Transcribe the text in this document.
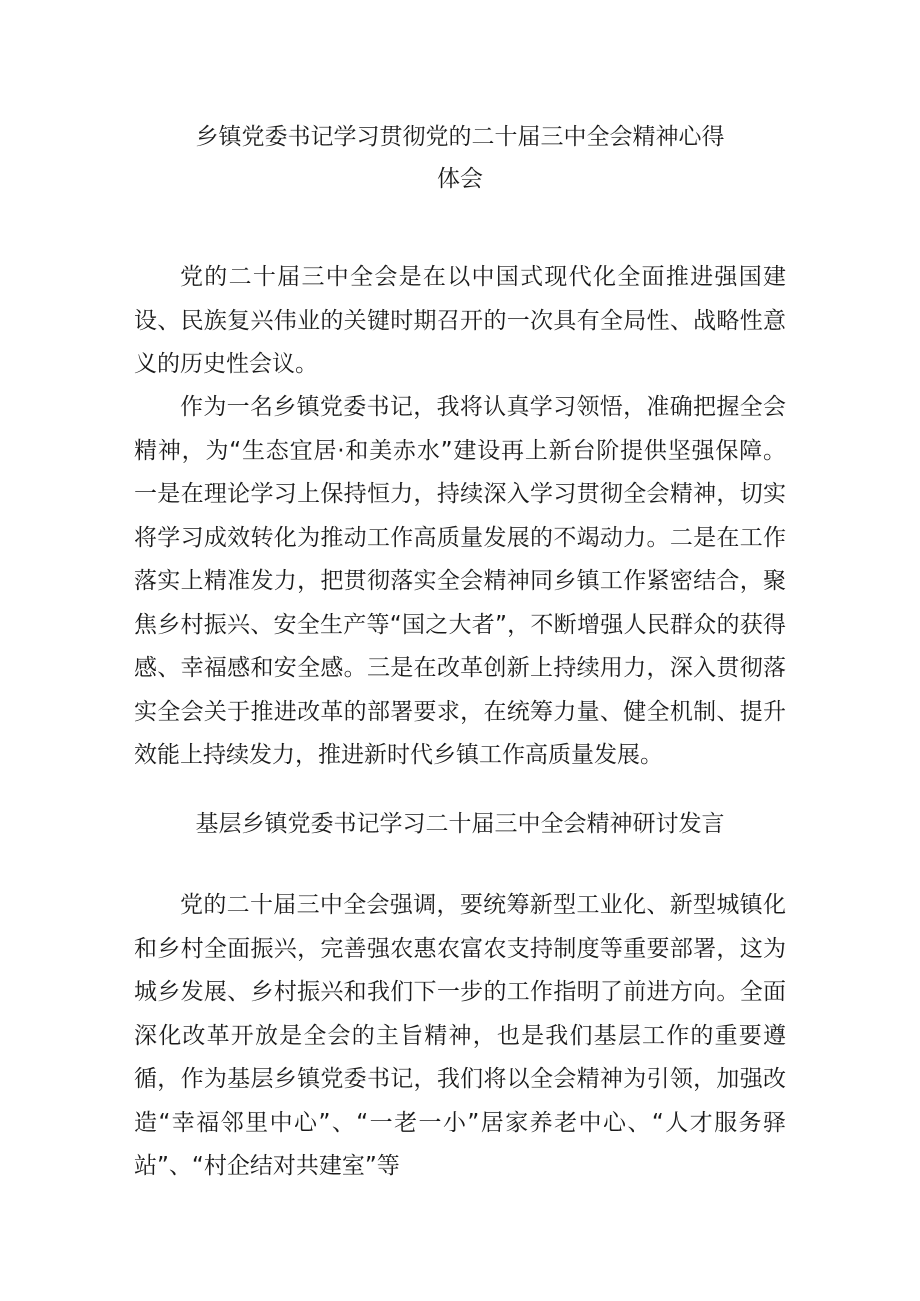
乡镇党委书记学习贯彻党的二十届三中全会精神心得
体会

党的二十届三中全会是在以中国式现代化全面推进强国建设、民族复兴伟业的关键时期召开的一次具有全局性、战略性意义的历史性会议。

作为一名乡镇党委书记，我将认真学习领悟，准确把握全会精神，为“生态宜居·和美赤水”建设再上新台阶提供坚强保障。一是在理论学习上保持恒力，持续深入学习贯彻全会精神，切实将学习成效转化为推动工作高质量发展的不竭动力。二是在工作落实上精准发力，把贯彻落实全会精神同乡镇工作紧密结合，聚焦乡村振兴、安全生产等“国之大者”，不断增强人民群众的获得感、幸福感和安全感。三是在改革创新上持续用力，深入贯彻落实全会关于推进改革的部署要求，在统筹力量、健全机制、提升效能上持续发力，推进新时代乡镇工作高质量发展。

基层乡镇党委书记学习二十届三中全会精神研讨发言

党的二十届三中全会强调，要统筹新型工业化、新型城镇化和乡村全面振兴，完善强农惠农富农支持制度等重要部署，这为城乡发展、乡村振兴和我们下一步的工作指明了前进方向。全面深化改革开放是全会的主旨精神，也是我们基层工作的重要遵循，作为基层乡镇党委书记，我们将以全会精神为引领，加强改造“幸福邻里中心”、“一老一小”居家养老中心、“人才服务驿站”、“村企结对共建室”等
